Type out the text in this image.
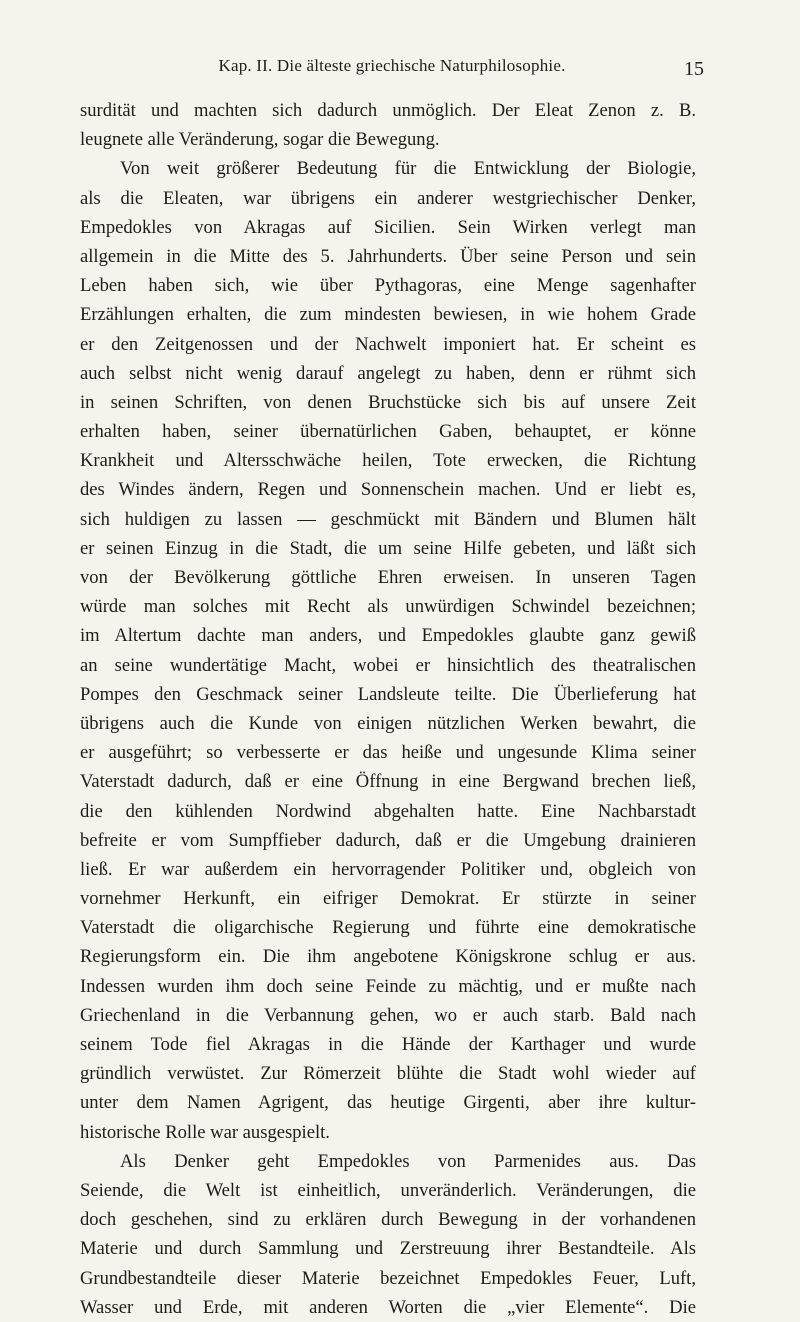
Kap. II. Die älteste griechische Naturphilosophie.	15
surdität und machten sich dadurch unmöglich. Der Eleat Zenon z. B.
leugnete alle Veränderung, sogar die Bewegung.
Von weit größerer Bedeutung für die Entwicklung der Biologie,
als die Eleaten, war übrigens ein anderer westgriechischer Denker,
Empedokles von Akragas auf Sicilien. Sein Wirken verlegt man
allgemein in die Mitte des 5. Jahrhunderts. Über seine Person und sein
Leben haben sich, wie über Pythagoras, eine Menge sagenhafter
Erzählungen erhalten, die zum mindesten bewiesen, in wie hohem Grade
er den Zeitgenossen und der Nachwelt imponiert hat. Er scheint es
auch selbst nicht wenig darauf angelegt zu haben, denn er rühmt sich
in seinen Schriften, von denen Bruchstücke sich bis auf unsere Zeit
erhalten haben, seiner übernatürlichen Gaben, behauptet, er könne
Krankheit und Altersschwäche heilen, Tote erwecken, die Richtung
des Windes ändern, Regen und Sonnenschein machen. Und er liebt es,
sich huldigen zu lassen — geschmückt mit Bändern und Blumen hält
er seinen Einzug in die Stadt, die um seine Hilfe gebeten, und läßt sich
von der Bevölkerung göttliche Ehren erweisen. In unseren Tagen
würde man solches mit Recht als unwürdigen Schwindel bezeichnen;
im Altertum dachte man anders, und Empedokles glaubte ganz gewiß
an seine wundertätige Macht, wobei er hinsichtlich des theatralischen
Pompes den Geschmack seiner Landsleute teilte. Die Überlieferung hat
übrigens auch die Kunde von einigen nützlichen Werken bewahrt, die
er ausgeführt; so verbesserte er das heiße und ungesunde Klima seiner
Vaterstadt dadurch, daß er eine Öffnung in eine Bergwand brechen ließ,
die den kühlenden Nordwind abgehalten hatte. Eine Nachbarstadt
befreite er vom Sumpffieber dadurch, daß er die Umgebung drainieren
ließ. Er war außerdem ein hervorragender Politiker und, obgleich von
vornehmer Herkunft, ein eifriger Demokrat. Er stürzte in seiner
Vaterstadt die oligarchische Regierung und führte eine demokratische
Regierungsform ein. Die ihm angebotene Königskrone schlug er aus.
Indessen wurden ihm doch seine Feinde zu mächtig, und er mußte nach
Griechenland in die Verbannung gehen, wo er auch starb. Bald nach
seinem Tode fiel Akragas in die Hände der Karthager und wurde
gründlich verwüstet. Zur Römerzeit blühte die Stadt wohl wieder auf
unter dem Namen Agrigent, das heutige Girgenti, aber ihre kultur-
historische Rolle war ausgespielt.
Als Denker geht Empedokles von Parmenides aus. Das
Seiende, die Welt ist einheitlich, unveränderlich. Veränderungen, die
doch geschehen, sind zu erklären durch Bewegung in der vorhandenen
Materie und durch Sammlung und Zerstreuung ihrer Bestandteile. Als
Grundbestandteile dieser Materie bezeichnet Empedokles Feuer, Luft,
Wasser und Erde, mit anderen Worten die „vier Elemente“. Die
